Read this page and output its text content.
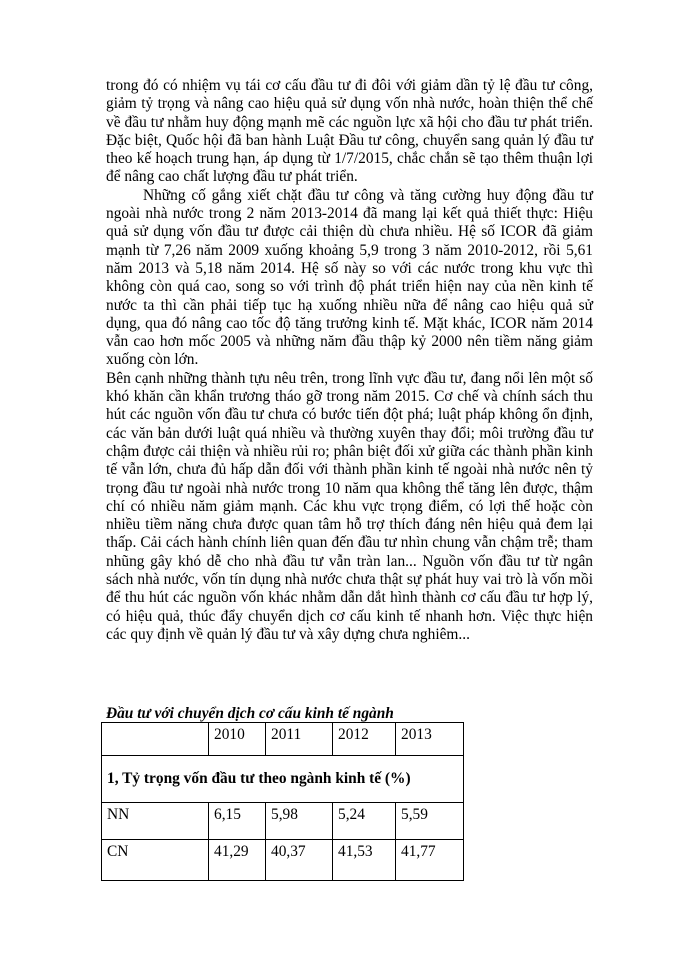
trong đó có nhiệm vụ tái cơ cấu đầu tư đi đôi với giảm dần tỷ lệ đầu tư công, giảm tỷ trọng và nâng cao hiệu quả sử dụng vốn nhà nước, hoàn thiện thể chế về đầu tư nhằm huy động mạnh mẽ các nguồn lực xã hội cho đầu tư phát triển. Đặc biệt, Quốc hội đã ban hành Luật Đầu tư công, chuyển sang quản lý đầu tư theo kế hoạch trung hạn, áp dụng từ 1/7/2015, chắc chắn sẽ tạo thêm thuận lợi để nâng cao chất lượng đầu tư phát triển.

Những cố gắng xiết chặt đầu tư công và tăng cường huy động đầu tư ngoài nhà nước trong 2 năm 2013-2014 đã mang lại kết quả thiết thực: Hiệu quả sử dụng vốn đầu tư được cải thiện dù chưa nhiều. Hệ số ICOR đã giảm mạnh từ 7,26 năm 2009 xuống khoảng 5,9 trong 3 năm 2010-2012, rồi 5,61 năm 2013 và 5,18 năm 2014. Hệ số này so với các nước trong khu vực thì không còn quá cao, song so với trình độ phát triển hiện nay của nền kinh tế nước ta thì cần phải tiếp tục hạ xuống nhiều nữa để nâng cao hiệu quả sử dụng, qua đó nâng cao tốc độ tăng trưởng kinh tế. Mặt khác, ICOR năm 2014 vẫn cao hơn mốc 2005 và những năm đầu thập kỷ 2000 nên tiềm năng giảm xuống còn lớn.

Bên cạnh những thành tựu nêu trên, trong lĩnh vực đầu tư, đang nổi lên một số khó khăn cần khẩn trương tháo gỡ trong năm 2015. Cơ chế và chính sách thu hút các nguồn vốn đầu tư chưa có bước tiến đột phá; luật pháp không ổn định, các văn bản dưới luật quá nhiều và thường xuyên thay đổi; môi trường đầu tư chậm được cải thiện và nhiều rủi ro; phân biệt đối xử giữa các thành phần kinh tế vẫn lớn, chưa đủ hấp dẫn đối với thành phần kinh tế ngoài nhà nước nên tỷ trọng đầu tư ngoài nhà nước trong 10 năm qua không thể tăng lên được, thậm chí có nhiều năm giảm mạnh. Các khu vực trọng điểm, có lợi thế hoặc còn nhiều tiềm năng chưa được quan tâm hỗ trợ thích đáng nên hiệu quả đem lại thấp. Cải cách hành chính liên quan đến đầu tư nhìn chung vẫn chậm trễ; tham nhũng gây khó dễ cho nhà đầu tư vẫn tràn lan... Nguồn vốn đầu tư từ ngân sách nhà nước, vốn tín dụng nhà nước chưa thật sự phát huy vai trò là vốn mồi để thu hút các nguồn vốn khác nhằm dẫn dắt hình thành cơ cấu đầu tư hợp lý, có hiệu quả, thúc đẩy chuyển dịch cơ cấu kinh tế nhanh hơn. Việc thực hiện các quy định về quản lý đầu tư và xây dựng chưa nghiêm...

Đầu tư với chuyển dịch cơ cấu kinh tế ngành
	2010	2011	2012	2013
1, Tỷ trọng vốn đầu tư theo ngành kinh tế (%)				
NN	6,15	5,98	5,24	5,59
CN	41,29	40,37	41,53	41,77
